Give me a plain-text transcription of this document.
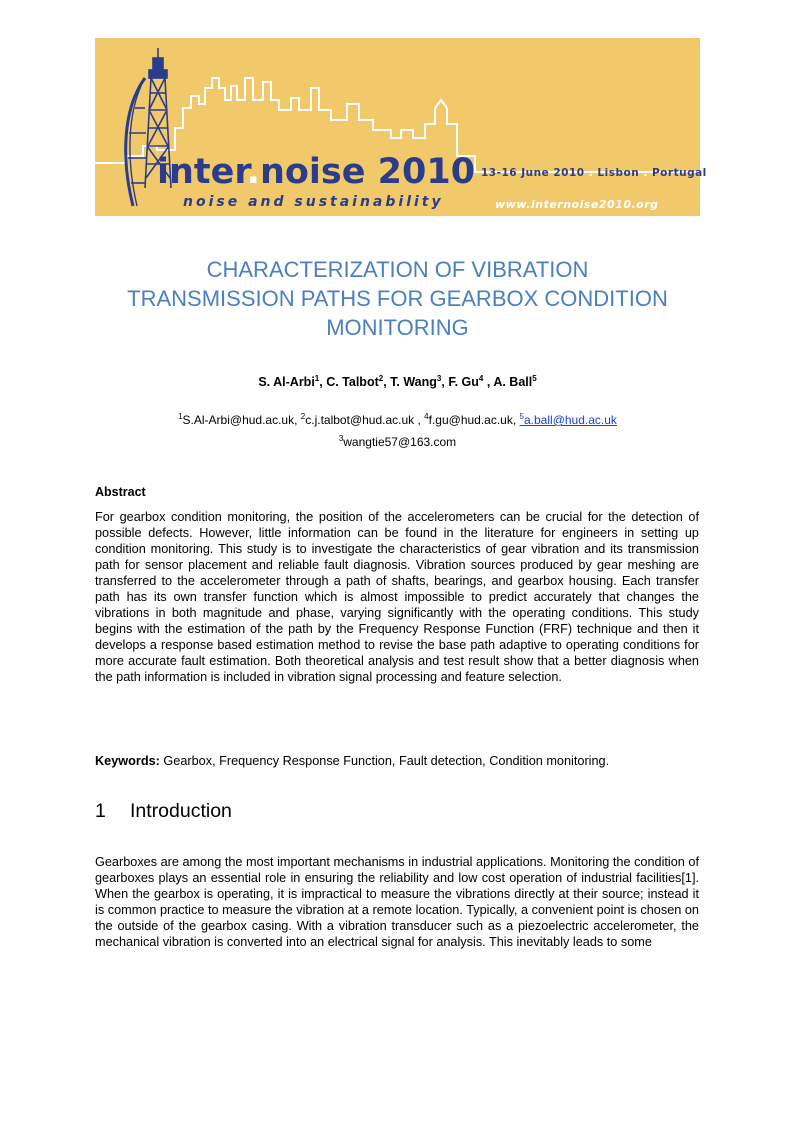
inter.noise 2010
noise and sustainability
13-16 June 2010 . Lisbon . Portugal
www.internoise2010.org
CHARACTERIZATION OF VIBRATION
TRANSMISSION PATHS FOR GEARBOX CONDITION
MONITORING
S. Al-Arbi$^1$, C. Talbot$^2$, T. Wang$^3$, F. Gu$^4$ , A. Ball$^5$
$^1$S.Al-Arbi@hud.ac.uk, $^2$c.j.talbot@hud.ac.uk , $^4$f.gu@hud.ac.uk, $^5$a.ball@hud.ac.uk
$^3$wangtie57@163.com
Abstract

For gearbox condition monitoring, the position of the accelerometers can be crucial for the detection of possible defects. However, little information can be found in the literature for engineers in setting up condition monitoring. This study is to investigate the characteristics of gear vibration and its transmission path for sensor placement and reliable fault diagnosis. Vibration sources produced by gear meshing are transferred to the accelerometer through a path of shafts, bearings, and gearbox housing. Each transfer path has its own transfer function which is almost impossible to predict accurately that changes the vibrations in both magnitude and phase, varying significantly with the operating conditions. This study begins with the estimation of the path by the Frequency Response Function (FRF) technique and then it develops a response based estimation method to revise the base path adaptive to operating conditions for more accurate fault estimation. Both theoretical analysis and test result show that a better diagnosis when the path information is included in vibration signal processing and feature selection.

Keywords: Gearbox, Frequency Response Function, Fault detection, Condition monitoring.

1 Introduction

Gearboxes are among the most important mechanisms in industrial applications. Monitoring the condition of gearboxes plays an essential role in ensuring the reliability and low cost operation of industrial facilities[1]. When the gearbox is operating, it is impractical to measure the vibrations directly at their source; instead it is common practice to measure the vibration at a remote location. Typically, a convenient point is chosen on the outside of the gearbox casing. With a vibration transducer such as a piezoelectric accelerometer, the mechanical vibration is converted into an electrical signal for analysis. This inevitably leads to some
